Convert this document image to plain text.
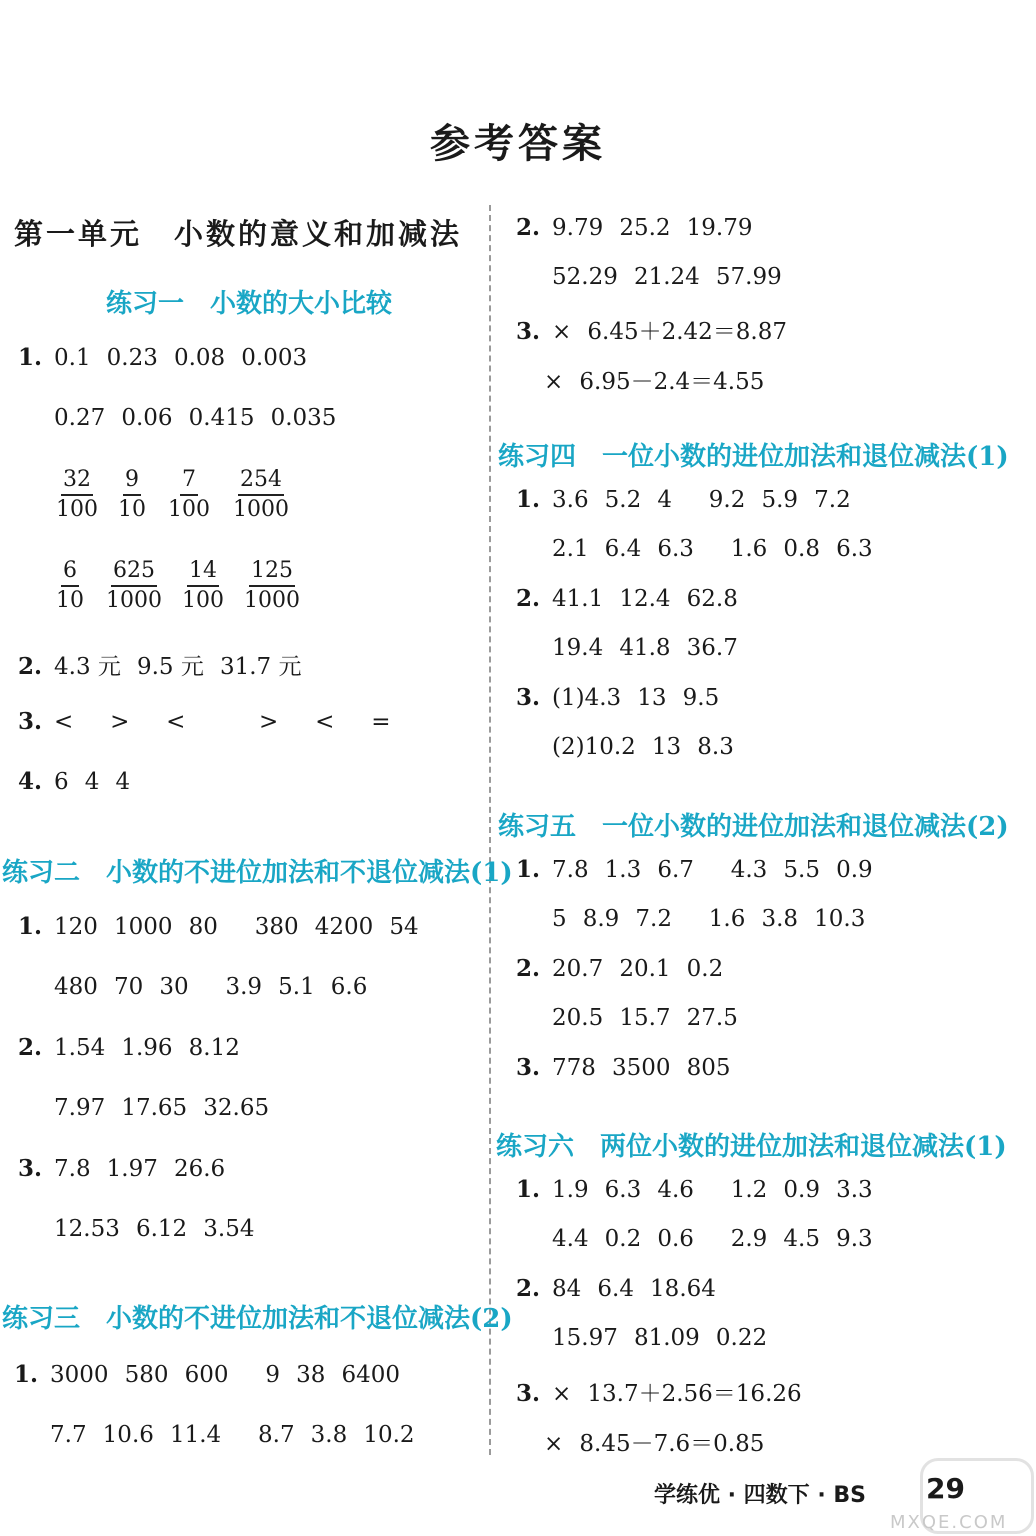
参考答案
第一单元　小数的意义和加减法
练习一　小数的大小比较
1. 0.1 0.23 0.08 0.003
0.27 0.06 0.415 0.035
$\frac{32}{100} \frac{9}{10} \frac{7}{100} \frac{254}{1000}$
$\frac{6}{10} \frac{625}{1000} \frac{14}{100} \frac{125}{1000}$
2. 4.3 元 9.5 元 31.7 元
3. < > <	> < =
4. 6 4 4
练习二　小数的不进位加法和不退位减法(1)
1. 120 1000 80 380 4200 54
480 70 30 3.9 5.1 6.6
2. 1.54 1.96 8.12
7.97 17.65 32.65
3. 7.8 1.97 26.6
12.53 6.12 3.54
练习三　小数的不进位加法和不退位减法(2)
1. 3000 580 600 9 38 6400
7.7 10.6 11.4 8.7 3.8 10.2
2. 9.79 25.2 19.79
52.29 21.24 57.99
3. × 6.45＋2.42＝8.87
× 6.95－2.4＝4.55
练习四　一位小数的进位加法和退位减法(1)
1. 3.6 5.2 4 9.2 5.9 7.2
2.1 6.4 6.3 1.6 0.8 6.3
2. 41.1 12.4 62.8
19.4 41.8 36.7
3. (1)4.3 13 9.5
(2)10.2 13 8.3
练习五　一位小数的进位加法和退位减法(2)
1. 7.8 1.3 6.7 4.3 5.5 0.9
5 8.9 7.2 1.6 3.8 10.3
2. 20.7 20.1 0.2
20.5 15.7 27.5
3. 778 3500 805
练习六　两位小数的进位加法和退位减法(1)
1. 1.9 6.3 4.6 1.2 0.9 3.3
4.4 0.2 0.6 2.9 4.5 9.3
2. 84 6.4 18.64
15.97 81.09 0.22
3. × 13.7＋2.56＝16.26
× 8.45－7.6＝0.85
学练优 · 四数下 · BS 29
MXQE.COM
